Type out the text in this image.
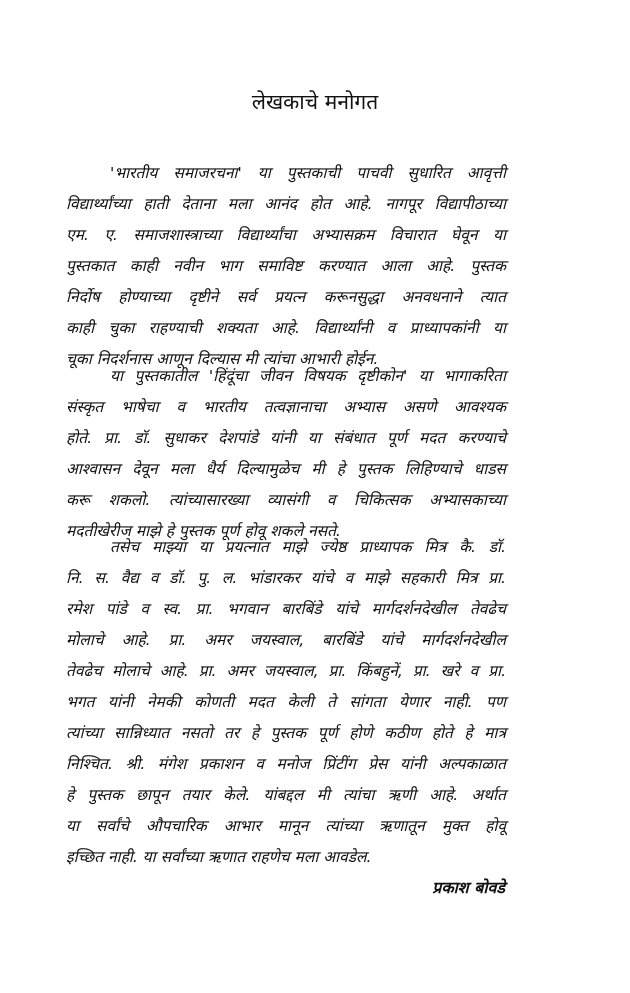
लेखकाचे मनोगत
'भारतीय समाजरचना' या पुस्तकाची पाचवी सुधारित आवृत्ती
विद्यार्थ्यांच्या हाती देताना मला आनंद होत आहे. नागपूर विद्यापीठाच्या
एम. ए. समाजशास्त्राच्या विद्यार्थ्यांचा अभ्यासक्रम विचारात घेवून या
पुस्तकात काही नवीन भाग समाविष्ट करण्यात आला आहे. पुस्तक
निर्दोष होण्याच्या दृष्टीने सर्व प्रयत्न करूनसुद्धा अनवधनाने त्यात
काही चुका राहण्याची शक्यता आहे. विद्यार्थ्यांनी व प्राध्यापकांनी या
चूका निदर्शनास आणून दिल्यास मी त्यांचा आभारी होईन.
या पुस्तकातील 'हिंदूंचा जीवन विषयक दृष्टीकोन' या भागाकरिता
संस्कृत भाषेचा व भारतीय तत्वज्ञानाचा अभ्यास असणे आवश्यक
होते. प्रा. डॉ. सुधाकर देशपांडे यांनी या संबंधात पूर्ण मदत करण्याचे
आश्वासन देवून मला धैर्य दिल्यामुळेच मी हे पुस्तक लिहिण्याचे धाडस
करू शकलो. त्यांच्यासारख्या व्यासंगी व चिकित्सक अभ्यासकाच्या
मदतीखेरीज माझे हे पुस्तक पूर्ण होवू शकले नसते.
तसेच माझ्या या प्रयत्नात माझे ज्येष्ठ प्राध्यापक मित्र कै. डॉ.
नि. स. वैद्य व डॉ. पु. ल. भांडारकर यांचे व माझे सहकारी मित्र प्रा.
रमेश पांडे व स्व. प्रा. भगवान बारबिंडे यांचे मार्गदर्शनदेखील तेवढेच
मोलाचे आहे. प्रा. अमर जयस्वाल, बारबिंडे यांचे मार्गदर्शनदेखील
तेवढेच मोलाचे आहे. प्रा. अमर जयस्वाल, प्रा. किंबहुनें, प्रा. खरे व प्रा.
भगत यांनी नेमकी कोणती मदत केली ते सांगता येणार नाही. पण
त्यांच्या सान्निध्यात नसतो तर हे पुस्तक पूर्ण होणे कठीण होते हे मात्र
निश्चित. श्री. मंगेश प्रकाशन व मनोज प्रिंटींग प्रेस यांनी अल्पकाळात
हे पुस्तक छापून तयार केले. यांबद्दल मी त्यांचा ऋणी आहे. अर्थात
या सर्वांचे औपचारिक आभार मानून त्यांच्या ऋणातून मुक्त होवू
इच्छित नाही. या सर्वांच्या ऋणात राहणेच मला आवडेल.
प्रकाश बोवडे
